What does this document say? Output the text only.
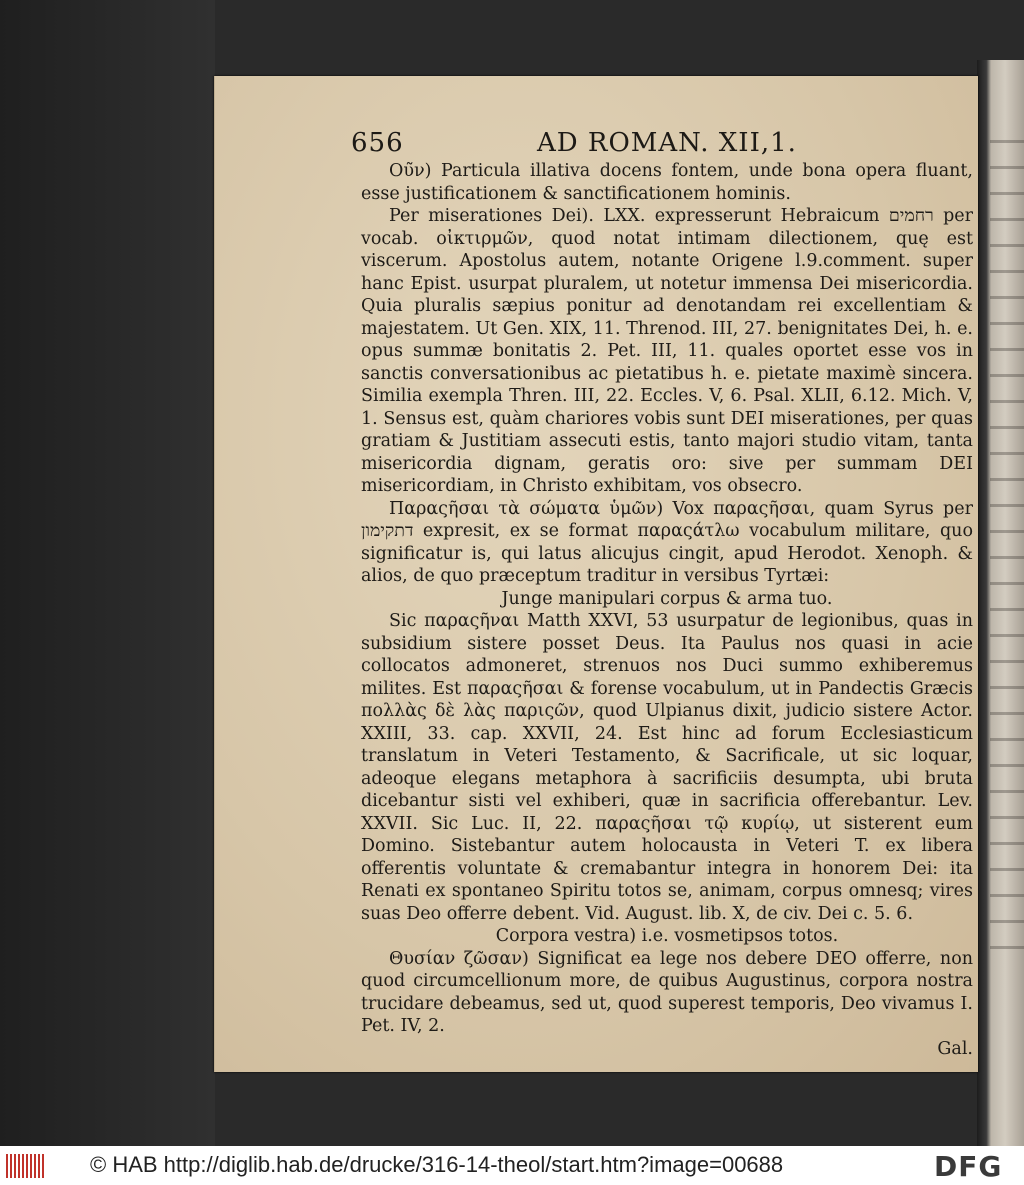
656	AD ROMAN. XII,1.

Ου̃ν) Particula illativa docens fontem, unde bona opera fluant, esse justificationem & sanctificationem hominis.

Per miserationes Dei). LXX. expresserunt Hebraicum רחמים per vocab. οἰκτιρμῶν, quod notat intimam dilectionem, quę est viscerum. Apostolus autem, notante Origene l.9.comment. super hanc Epist. usurpat pluralem, ut notetur immensa Dei misericordia. Quia pluralis sæpius ponitur ad denotandam rei excellentiam & majestatem. Ut Gen. XIX, 11. Threnod. III, 27. benignitates Dei, h. e. opus summæ bonitatis 2. Pet. III, 11. quales oportet esse vos in sanctis conversationibus ac pietatibus h. e. pietate maximè sincera. Similia exempla Thren. III, 22. Eccles. V, 6. Psal. XLII, 6.12. Mich. V, 1. Sensus est, quàm chariores vobis sunt DEI miserationes, per quas gratiam & Justitiam assecuti estis, tanto majori studio vitam, tanta misericordia dignam, geratis oro: sive per summam DEI misericordiam, in Christo exhibitam, vos obsecro.

Παραςῆσαι τὰ σώματα ὑμῶν) Vox παραςῆσαι, quam Syrus per דתקימון expresit, ex se format παραςάτλω vocabulum militare, quo significatur is, qui latus alicujus cingit, apud Herodot. Xenoph. & alios, de quo præceptum traditur in versibus Tyrtæi:

Junge manipulari corpus & arma tuo.

Sic παραςῆναι Matth XXVI, 53 usurpatur de legionibus, quas in subsidium sistere posset Deus. Ita Paulus nos quasi in acie collocatos admoneret, strenuos nos Duci summo exhiberemus milites. Est παραςῆσαι & forense vocabulum, ut in Pandectis Græcis πολλὰς δὲ λὰς παριςῶν, quod Ulpianus dixit, judicio sistere Actor. XXIII, 33. cap. XXVII, 24. Est hinc ad forum Ecclesiasticum translatum in Veteri Testamento, & Sacrificale, ut sic loquar, adeoque elegans metaphora à sacrificiis desumpta, ubi bruta dicebantur sisti vel exhiberi, quæ in sacrificia offerebantur. Lev. XXVII. Sic Luc. II, 22. παραςῆσαι τῷ κυρίῳ, ut sisterent eum Domino. Sistebantur autem holocausta in Veteri T. ex libera offerentis voluntate & cremabantur integra in honorem Dei: ita Renati ex spontaneo Spiritu totos se, animam, corpus omnesq; vires suas Deo offerre debent. Vid. August. lib. X, de civ. Dei c. 5. 6.

Corpora vestra) i.e. vosmetipsos totos.

Θυσίαν ζῶσαν) Significat ea lege nos debere DEO offerre, non quod circumcellionum more, de quibus Augustinus, corpora nostra trucidare debeamus, sed ut, quod superest temporis, Deo vivamus I. Pet. IV, 2.

Gal.

© HAB http://diglib.hab.de/drucke/316-14-theol/start.htm?image=00688	DFG
